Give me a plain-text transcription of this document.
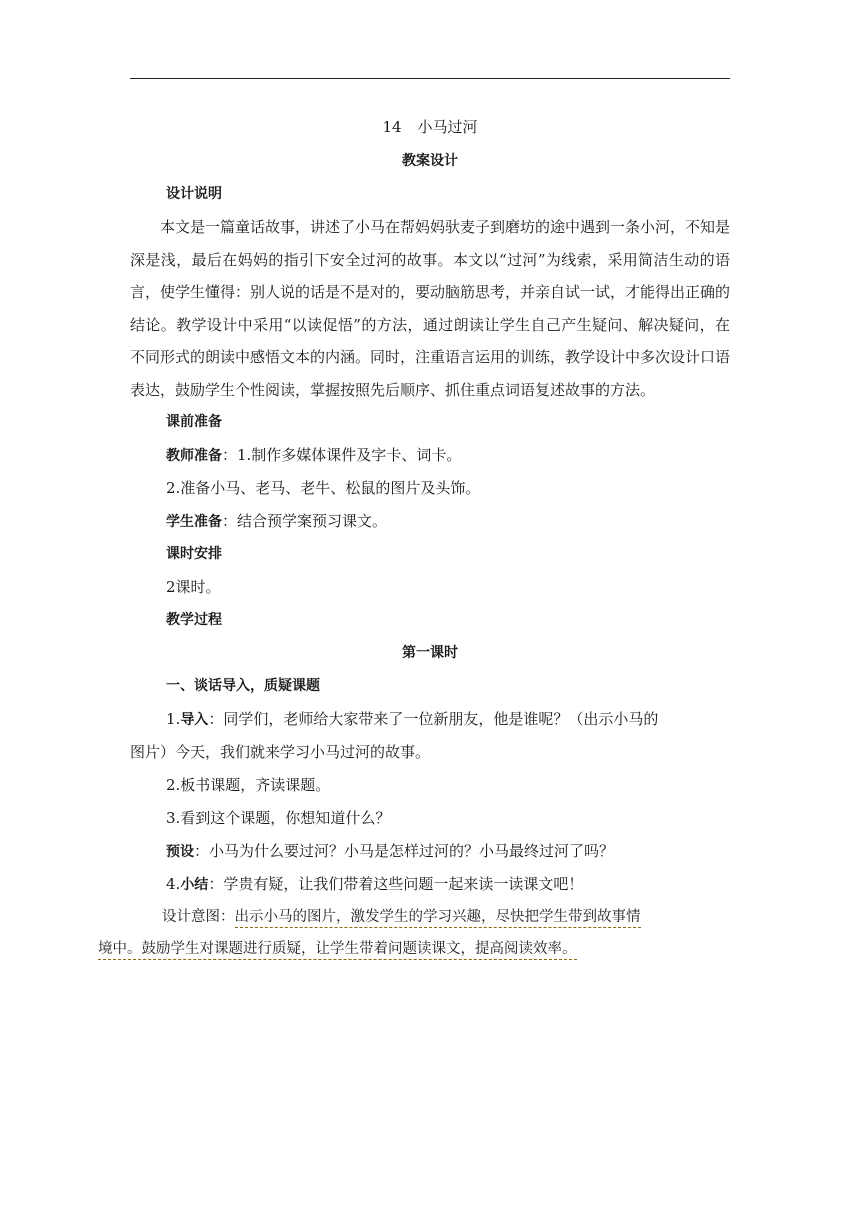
14 小马过河
教案设计
设计说明

本文是一篇童话故事，讲述了小马在帮妈妈驮麦子到磨坊的途中遇到一条小河，不知是深是浅，最后在妈妈的指引下安全过河的故事。本文以“过河”为线索，采用简洁生动的语言，使学生懂得：别人说的话是不是对的，要动脑筋思考，并亲自试一试，才能得出正确的结论。教学设计中采用“以读促悟”的方法，通过朗读让学生自己产生疑问、解决疑问，在不同形式的朗读中感悟文本的内涵。同时，注重语言运用的训练，教学设计中多次设计口语表达，鼓励学生个性阅读，掌握按照先后顺序、抓住重点词语复述故事的方法。

课前准备
教师准备：1.制作多媒体课件及字卡、词卡。
2.准备小马、老马、老牛、松鼠的图片及头饰。
学生准备：结合预学案预习课文。
课时安排
2课时。
教学过程
第一课时
一、谈话导入，质疑课题
1.导入：同学们，老师给大家带来了一位新朋友，他是谁呢？（出示小马的
图片）今天，我们就来学习小马过河的故事。
2.板书课题，齐读课题。
3.看到这个课题，你想知道什么？
预设：小马为什么要过河？小马是怎样过河的？小马最终过河了吗？
4.小结：学贵有疑，让我们带着这些问题一起来读一读课文吧！

设计意图：出示小马的图片，激发学生的学习兴趣，尽快把学生带到故事情
境中。鼓励学生对课题进行质疑，让学生带着问题读课文，提高阅读效率。
